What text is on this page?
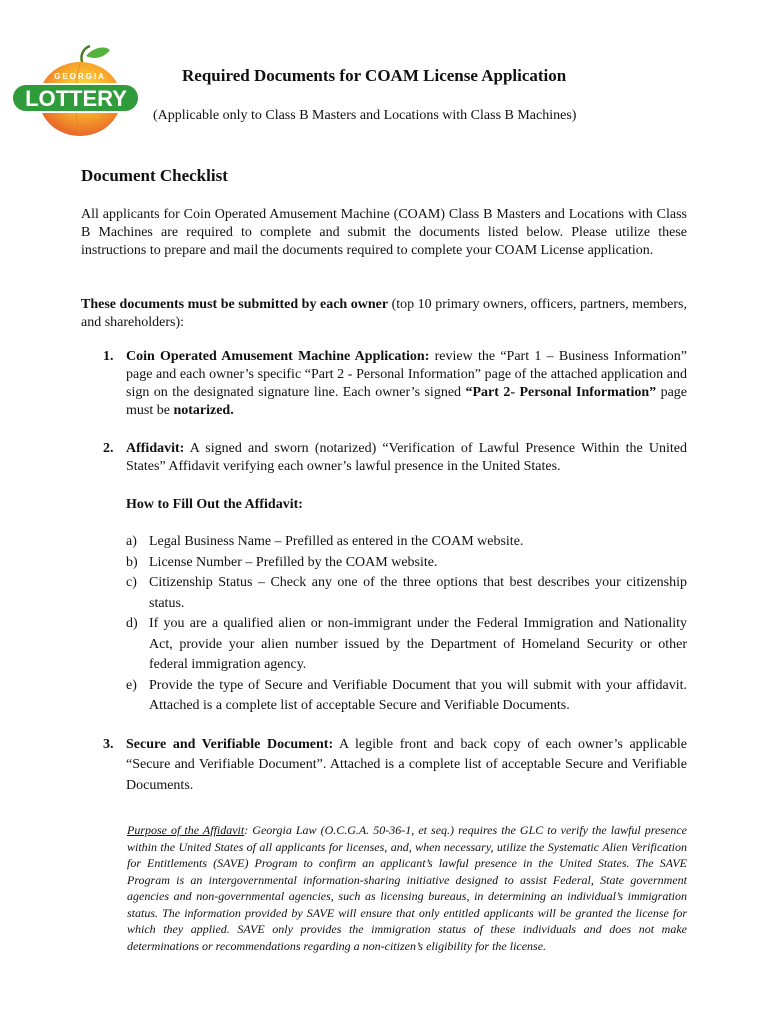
GEORGIA
LOTTERY
Required Documents for COAM License Application

(Applicable only to Class B Masters and Locations with Class B Machines)

Document Checklist

All applicants for Coin Operated Amusement Machine (COAM) Class B Masters and Locations with Class B Machines are required to complete and submit the documents listed below. Please utilize these instructions to prepare and mail the documents required to complete your COAM License application.

These documents must be submitted by each owner (top 10 primary owners, officers, partners, members, and shareholders):

1. Coin Operated Amusement Machine Application: review the “Part 1 – Business Information” page and each owner’s specific “Part 2 - Personal Information” page of the attached application and sign on the designated signature line. Each owner’s signed “Part 2- Personal Information” page must be notarized.
2. Affidavit: A signed and sworn (notarized) “Verification of Lawful Presence Within the United States” Affidavit verifying each owner’s lawful presence in the United States.

How to Fill Out the Affidavit:

a) Legal Business Name – Prefilled as entered in the COAM website.
b) License Number – Prefilled by the COAM website.
c) Citizenship Status – Check any one of the three options that best describes your citizenship status.
d) If you are a qualified alien or non-immigrant under the Federal Immigration and Nationality Act, provide your alien number issued by the Department of Homeland Security or other federal immigration agency.
e) Provide the type of Secure and Verifiable Document that you will submit with your affidavit. Attached is a complete list of acceptable Secure and Verifiable Documents.
3. Secure and Verifiable Document: A legible front and back copy of each owner’s applicable “Secure and Verifiable Document”. Attached is a complete list of acceptable Secure and Verifiable Documents.

Purpose of the Affidavit: Georgia Law (O.C.G.A. 50-36-1, et seq.) requires the GLC to verify the lawful presence within the United States of all applicants for licenses, and, when necessary, utilize the Systematic Alien Verification for Entitlements (SAVE) Program to confirm an applicant’s lawful presence in the United States. The SAVE Program is an intergovernmental information-sharing initiative designed to assist Federal, State government agencies and non-governmental agencies, such as licensing bureaus, in determining an individual’s immigration status. The information provided by SAVE will ensure that only entitled applicants will be granted the license for which they applied. SAVE only provides the immigration status of these individuals and does not make determinations or recommendations regarding a non-citizen’s eligibility for the license.
